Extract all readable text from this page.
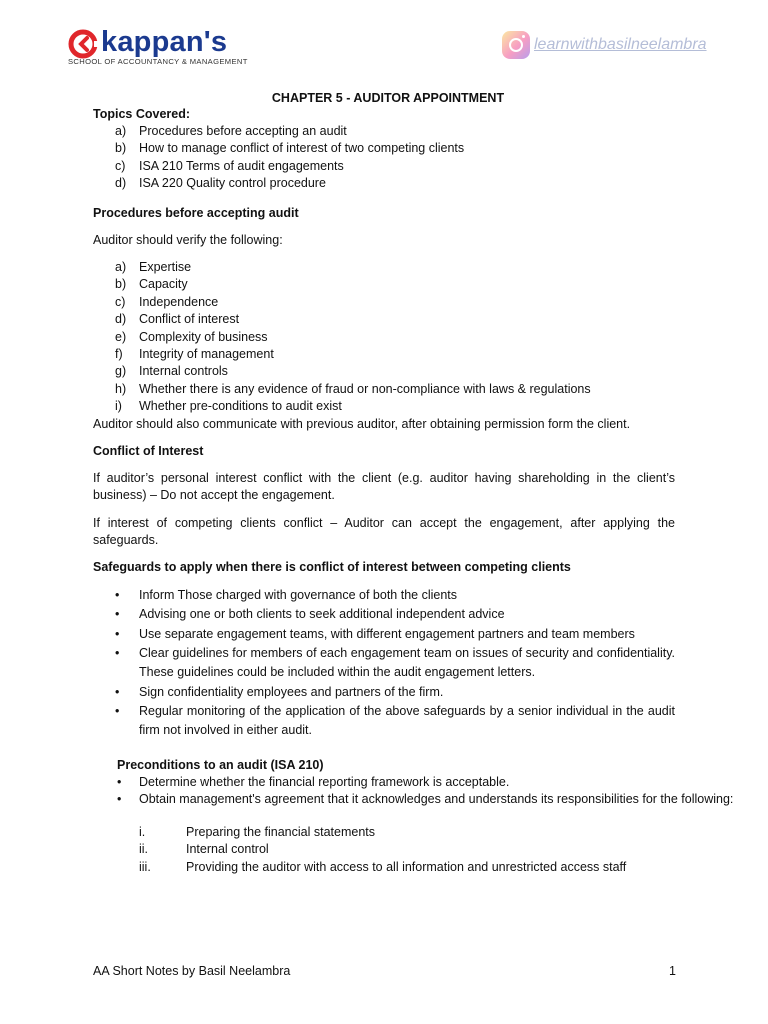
kappan's
SCHOOL OF ACCOUNTANCY & MANAGEMENT
learnwithbasilneelambra
CHAPTER 5 - AUDITOR APPOINTMENT
Topics Covered:
a) Procedures before accepting an audit
b) How to manage conflict of interest of two competing clients
c) ISA 210 Terms of audit engagements
d) ISA 220 Quality control procedure
Procedures before accepting audit
Auditor should verify the following:
a) Expertise
b) Capacity
c) Independence
d) Conflict of interest
e) Complexity of business
f) Integrity of management
g) Internal controls
h) Whether there is any evidence of fraud or non-compliance with laws & regulations
i) Whether pre-conditions to audit exist
Auditor should also communicate with previous auditor, after obtaining permission form the client.
Conflict of Interest
If auditor’s personal interest conflict with the client (e.g. auditor having shareholding in the client’s business) – Do not accept the engagement.
If interest of competing clients conflict – Auditor can accept the engagement, after applying the safeguards.
Safeguards to apply when there is conflict of interest between competing clients
• Inform Those charged with governance of both the clients
• Advising one or both clients to seek additional independent advice
• Use separate engagement teams, with different engagement partners and team members
• Clear guidelines for members of each engagement team on issues of security and confidentiality. These guidelines could be included within the audit engagement letters.
• Sign confidentiality employees and partners of the firm.
• Regular monitoring of the application of the above safeguards by a senior individual in the audit firm not involved in either audit.
Preconditions to an audit (ISA 210)
• Determine whether the financial reporting framework is acceptable.
• Obtain management's agreement that it acknowledges and understands its responsibilities for the following:
i.	Preparing the financial statements
ii.	Internal control
iii.	Providing the auditor with access to all information and unrestricted access staff
AA Short Notes by Basil Neelambra	1
